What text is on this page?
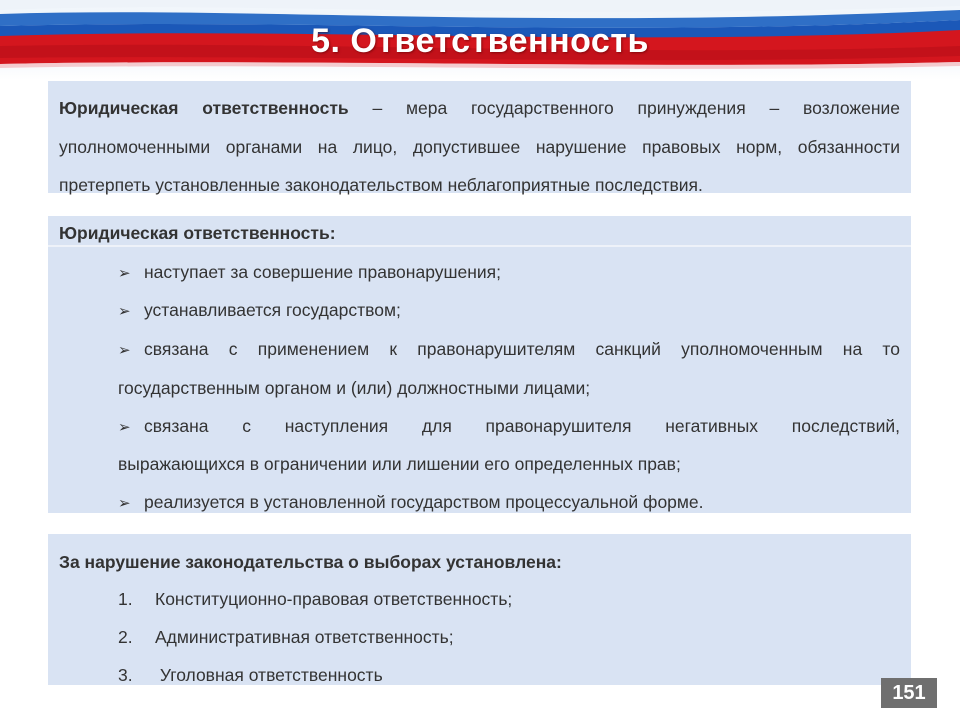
5. Ответственность
Юридическая ответственность – мера государственного принуждения – возложение уполномоченными органами на лицо, допустившее нарушение правовых норм, обязанности претерпеть установленные законодательством неблагоприятные последствия.
Юридическая ответственность:
➢ наступает за совершение правонарушения;
➢ устанавливается государством;
➢ связана с применением к правонарушителям санкций уполномоченным на то
государственным органом и (или) должностными лицами;
➢ связана с наступления для правонарушителя негативных последствий,
выражающихся в ограничении или лишении его определенных прав;
➢ реализуется в установленной государством процессуальной форме.
За нарушение законодательства о выборах установлена:
1. Конституционно-правовая ответственность;
2. Административная ответственность;
3. Уголовная ответственность
151
